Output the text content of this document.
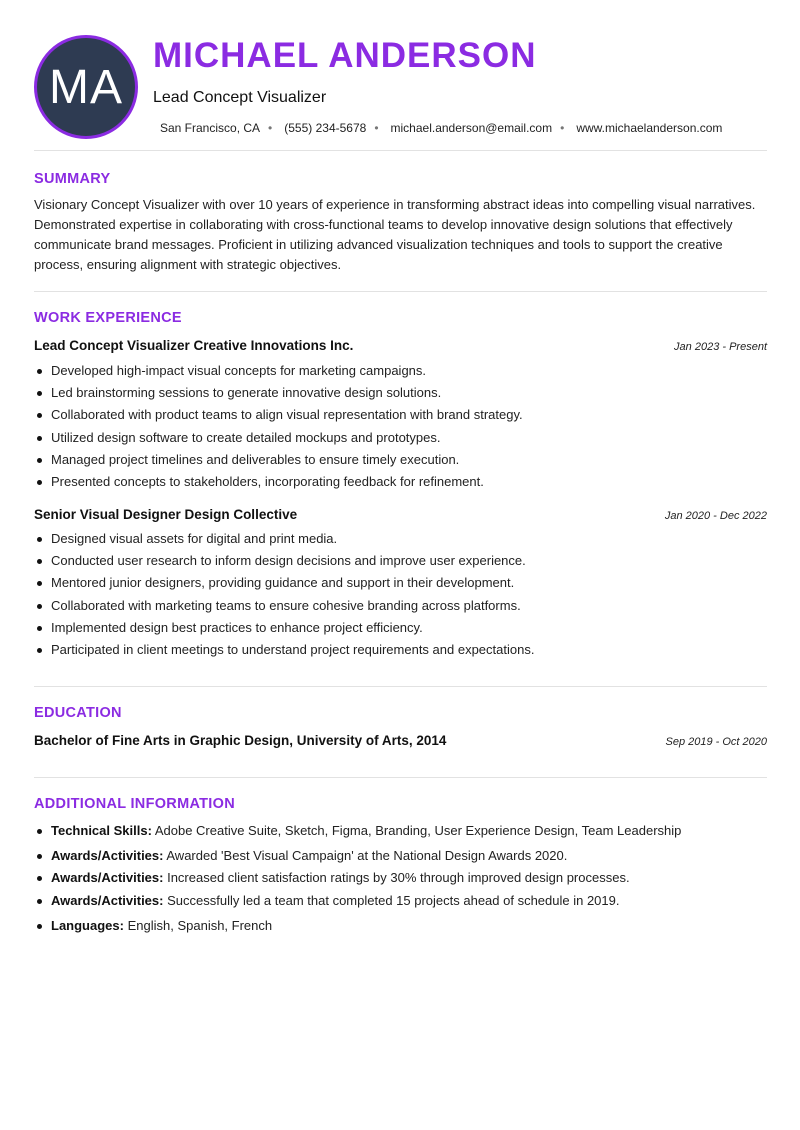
MA
MICHAEL ANDERSON
Lead Concept Visualizer
San Francisco, CA • (555) 234-5678 • michael.anderson@email.com • www.michaelanderson.com
SUMMARY
Visionary Concept Visualizer with over 10 years of experience in transforming abstract ideas into compelling visual narratives. Demonstrated expertise in collaborating with cross-functional teams to develop innovative design solutions that effectively communicate brand messages. Proficient in utilizing advanced visualization techniques and tools to support the creative process, ensuring alignment with strategic objectives.
WORK EXPERIENCE
Lead Concept Visualizer Creative Innovations Inc.	Jan 2023 - Present
Developed high-impact visual concepts for marketing campaigns.
Led brainstorming sessions to generate innovative design solutions.
Collaborated with product teams to align visual representation with brand strategy.
Utilized design software to create detailed mockups and prototypes.
Managed project timelines and deliverables to ensure timely execution.
Presented concepts to stakeholders, incorporating feedback for refinement.
Senior Visual Designer Design Collective	Jan 2020 - Dec 2022
Designed visual assets for digital and print media.
Conducted user research to inform design decisions and improve user experience.
Mentored junior designers, providing guidance and support in their development.
Collaborated with marketing teams to ensure cohesive branding across platforms.
Implemented design best practices to enhance project efficiency.
Participated in client meetings to understand project requirements and expectations.
EDUCATION
Bachelor of Fine Arts in Graphic Design, University of Arts, 2014	Sep 2019 - Oct 2020
ADDITIONAL INFORMATION
Technical Skills: Adobe Creative Suite, Sketch, Figma, Branding, User Experience Design, Team Leadership
Awards/Activities: Awarded 'Best Visual Campaign' at the National Design Awards 2020.
Awards/Activities: Increased client satisfaction ratings by 30% through improved design processes.
Awards/Activities: Successfully led a team that completed 15 projects ahead of schedule in 2019.
Languages: English, Spanish, French
